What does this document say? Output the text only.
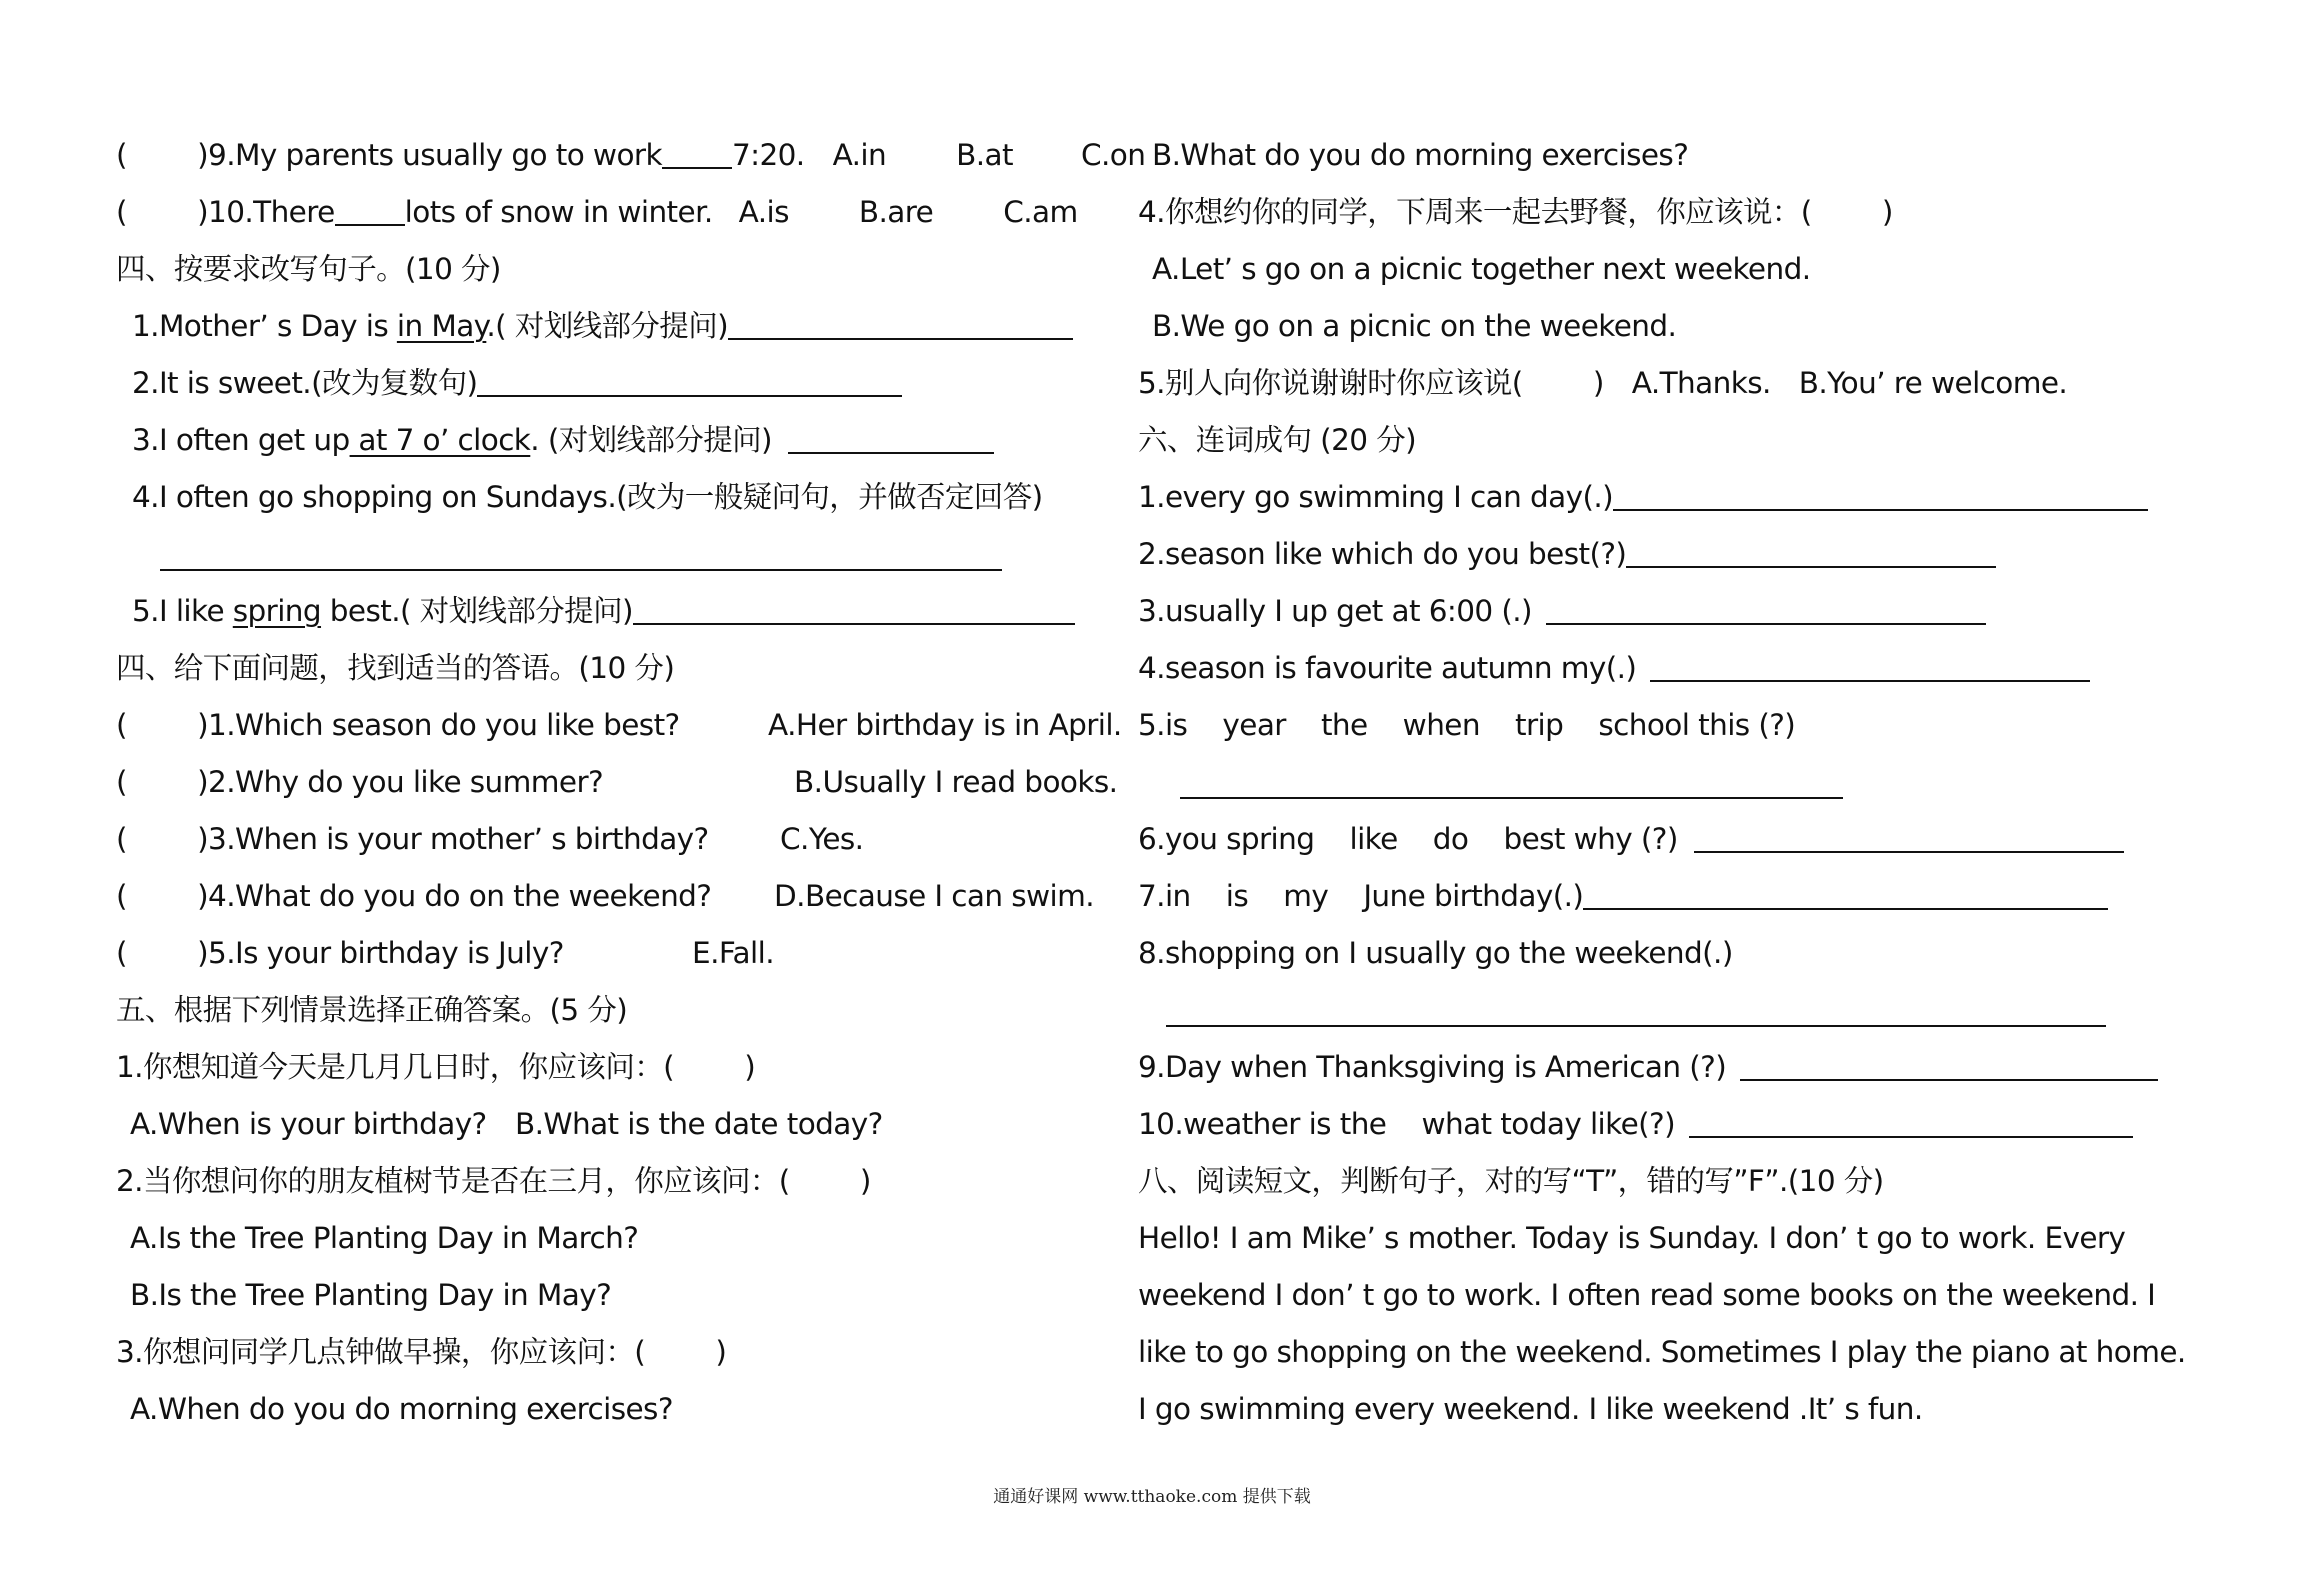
(        )9.My parents usually go to work 7:20. A.in B.at C.on
(        )10.There lots of snow in winter. A.is B.are C.am
四、按要求改写句子。(10 分)
1.Mother’ s Day is in May.( 对划线部分提问)
2.It is sweet.(改为复数句)
3.I often get up at 7 o’ clock. (对划线部分提问)
4.I often go shopping on Sundays.(改为一般疑问句，并做否定回答)
5.I like spring best.( 对划线部分提问)
四、给下面问题，找到适当的答语。(10 分)
(        )1.Which season do you like best?	A.Her birthday is in April.
(        )2.Why do you like summer?	B.Usually I read books.
(        )3.When is your mother’ s birthday? C.Yes.
(        )4.What do you do on the weekend? D.Because I can swim.
(        )5.Is your birthday is July?	E.Fall.
五、根据下列情景选择正确答案。(5 分)
1.你想知道今天是几月几日时，你应该问：(        )
A.When is your birthday? B.What is the date today?
2.当你想问你的朋友植树节是否在三月，你应该问：(        )
A.Is the Tree Planting Day in March?
B.Is the Tree Planting Day in May?
3.你想问同学几点钟做早操，你应该问：(        )
A.When do you do morning exercises?
B.What do you do morning exercises?
4.你想约你的同学，下周来一起去野餐，你应该说：(        )
A.Let’ s go on a picnic together next weekend.
B.We go on a picnic on the weekend.
5.别人向你说谢谢时你应该说(        ) A.Thanks. B.You’ re welcome.
六、连词成句 (20 分)
1.every go swimming I can day(.)
2.season like which do you best(?)
3.usually I up get at 6:00 (.)
4.season is favourite autumn my(.)
5.is    year    the    when    trip    school this (?)
6.you spring    like    do    best why (?)
7.in    is    my    June birthday(.)
8.shopping on I usually go the weekend(.)
9.Day when Thanksgiving is American (?)
10.weather is the    what today like(?)
八、阅读短文，判断句子，对的写“T”，错的写”F”.(10 分)
Hello! I am Mike’ s mother. Today is Sunday. I don’ t go to work. Every
weekend I don’ t go to work. I often read some books on the weekend. I
like to go shopping on the weekend. Sometimes I play the piano at home.
I go swimming every weekend. I like weekend .It’ s fun.
通通好课网 www.tthaoke.com 提供下载
